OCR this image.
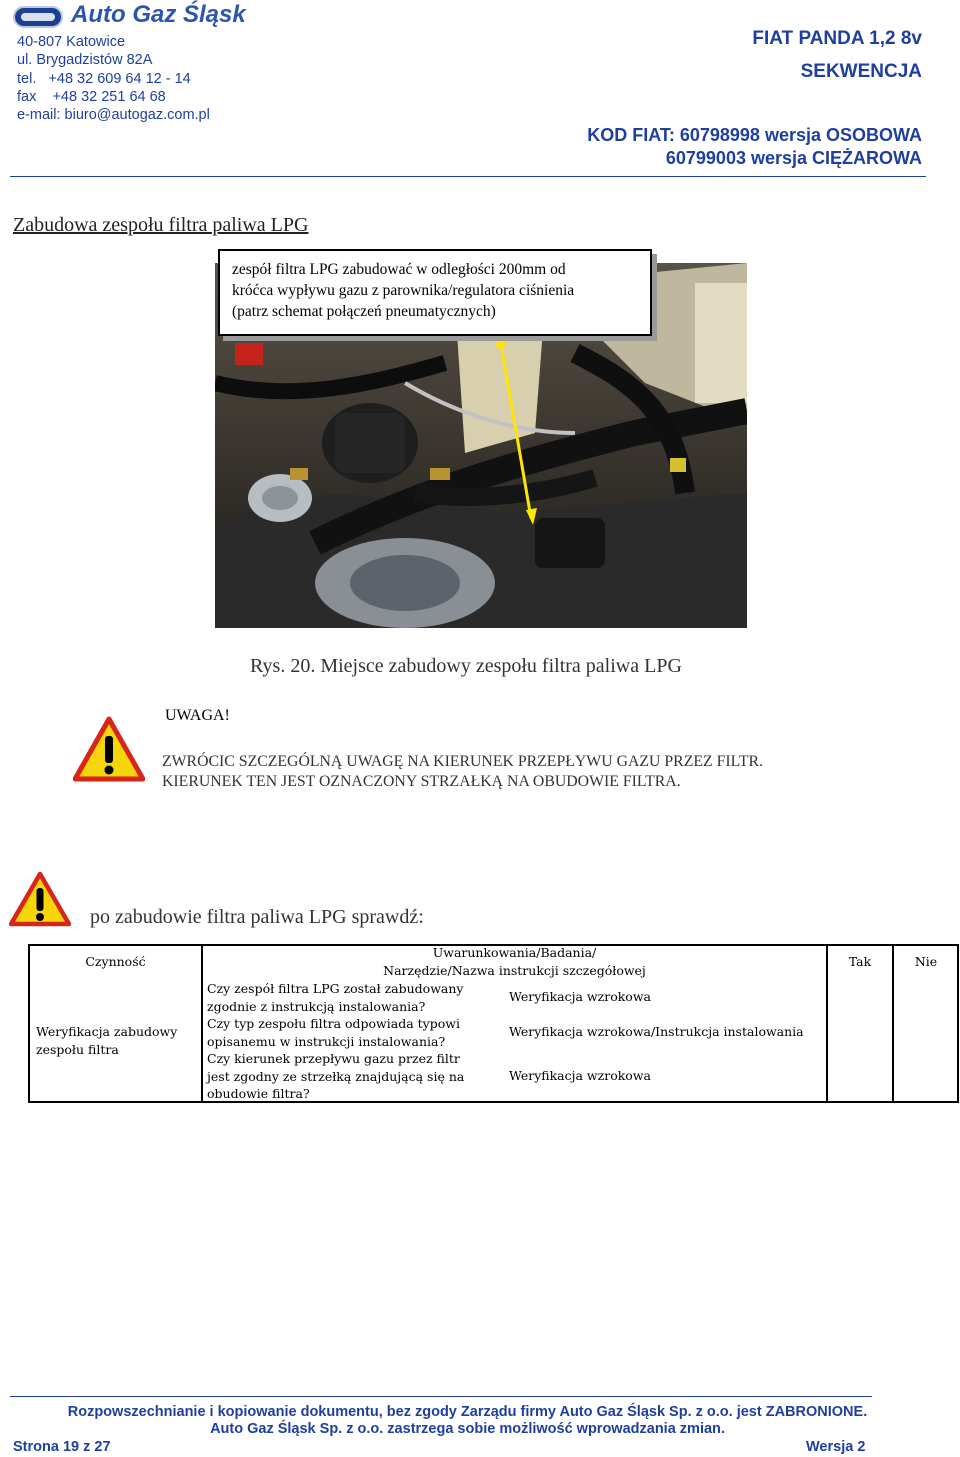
Auto Gaz Śląsk
40-807 Katowice
ul. Brygadzistów 82A
tel.   +48 32 609 64 12 - 14
fax    +48 32 251 64 68
e-mail: biuro@autogaz.com.pl
FIAT PANDA 1,2 8v
SEKWENCJA
KOD FIAT: 60798998 wersja OSOBOWA
60799003 wersja CIĘŻAROWA
Zabudowa zespołu filtra paliwa LPG
zespół filtra LPG zabudować w odległości 200mm od
króćca wypływu gazu z parownika/regulatora ciśnienia
(patrz schemat połączeń pneumatycznych)
Rys. 20. Miejsce zabudowy zespołu filtra paliwa LPG
UWAGA!
ZWRÓCIC SZCZEGÓLNĄ UWAGĘ NA KIERUNEK PRZEPŁYWU GAZU PRZEZ FILTR.
KIERUNEK TEN JEST OZNACZONY STRZAŁKĄ NA OBUDOWIE FILTRA.
po zabudowie filtra paliwa LPG sprawdź:
Czynność
Uwarunkowania/Badania/
Narzędzie/Nazwa instrukcji szczegółowej
Tak	Nie
Weryfikacja zabudowy
zespołu filtra
Czy zespół filtra LPG został zabudowany
zgodnie z instrukcją instalowania?
Weryfikacja wzrokowa
Czy typ zespołu filtra odpowiada typowi
opisanemu w instrukcji instalowania?
Weryfikacja wzrokowa/Instrukcja instalowania
Czy kierunek przepływu gazu przez filtr
jest zgodny ze strzełką znajdującą się na
obudowie filtra?
Weryfikacja wzrokowa
Rozpowszechnianie i kopiowanie dokumentu, bez zgody Zarządu firmy Auto Gaz Śląsk Sp. z o.o. jest ZABRONIONE.
Auto Gaz Śląsk Sp. z o.o. zastrzega sobie możliwość wprowadzania zmian.
Strona 19 z 27	Wersja 2
